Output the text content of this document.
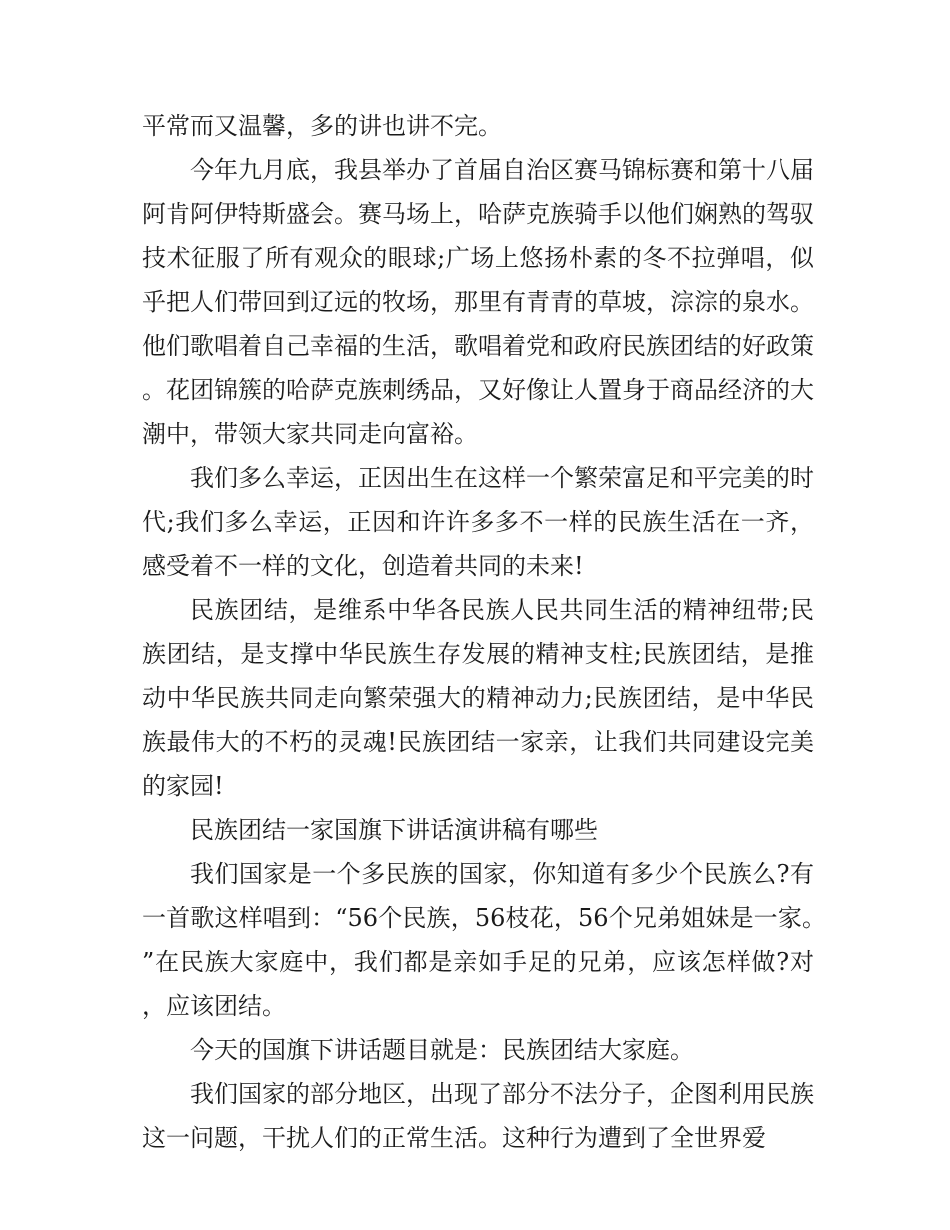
平常而又温馨，多的讲也讲不完。

今年九月底，我县举办了首届自治区赛马锦标赛和第十八届阿肯阿伊特斯盛会。赛马场上，哈萨克族骑手以他们娴熟的驾驭技术征服了所有观众的眼球;广场上悠扬朴素的冬不拉弹唱，似乎把人们带回到辽远的牧场，那里有青青的草坡，淙淙的泉水。他们歌唱着自己幸福的生活，歌唱着党和政府民族团结的好政策。花团锦簇的哈萨克族刺绣品，又好像让人置身于商品经济的大潮中，带领大家共同走向富裕。

我们多么幸运，正因出生在这样一个繁荣富足和平完美的时代;我们多么幸运，正因和许许多多不一样的民族生活在一齐，感受着不一样的文化，创造着共同的未来!

民族团结，是维系中华各民族人民共同生活的精神纽带;民族团结，是支撑中华民族生存发展的精神支柱;民族团结，是推动中华民族共同走向繁荣强大的精神动力;民族团结，是中华民族最伟大的不朽的灵魂!民族团结一家亲，让我们共同建设完美的家园!

民族团结一家国旗下讲话演讲稿有哪些

我们国家是一个多民族的国家，你知道有多少个民族么?有一首歌这样唱到：“56个民族，56枝花，56个兄弟姐妹是一家。”在民族大家庭中，我们都是亲如手足的兄弟，应该怎样做?对，应该团结。

今天的国旗下讲话题目就是：民族团结大家庭。

我们国家的部分地区，出现了部分不法分子，企图利用民族这一问题，干扰人们的正常生活。这种行为遭到了全世界爱
